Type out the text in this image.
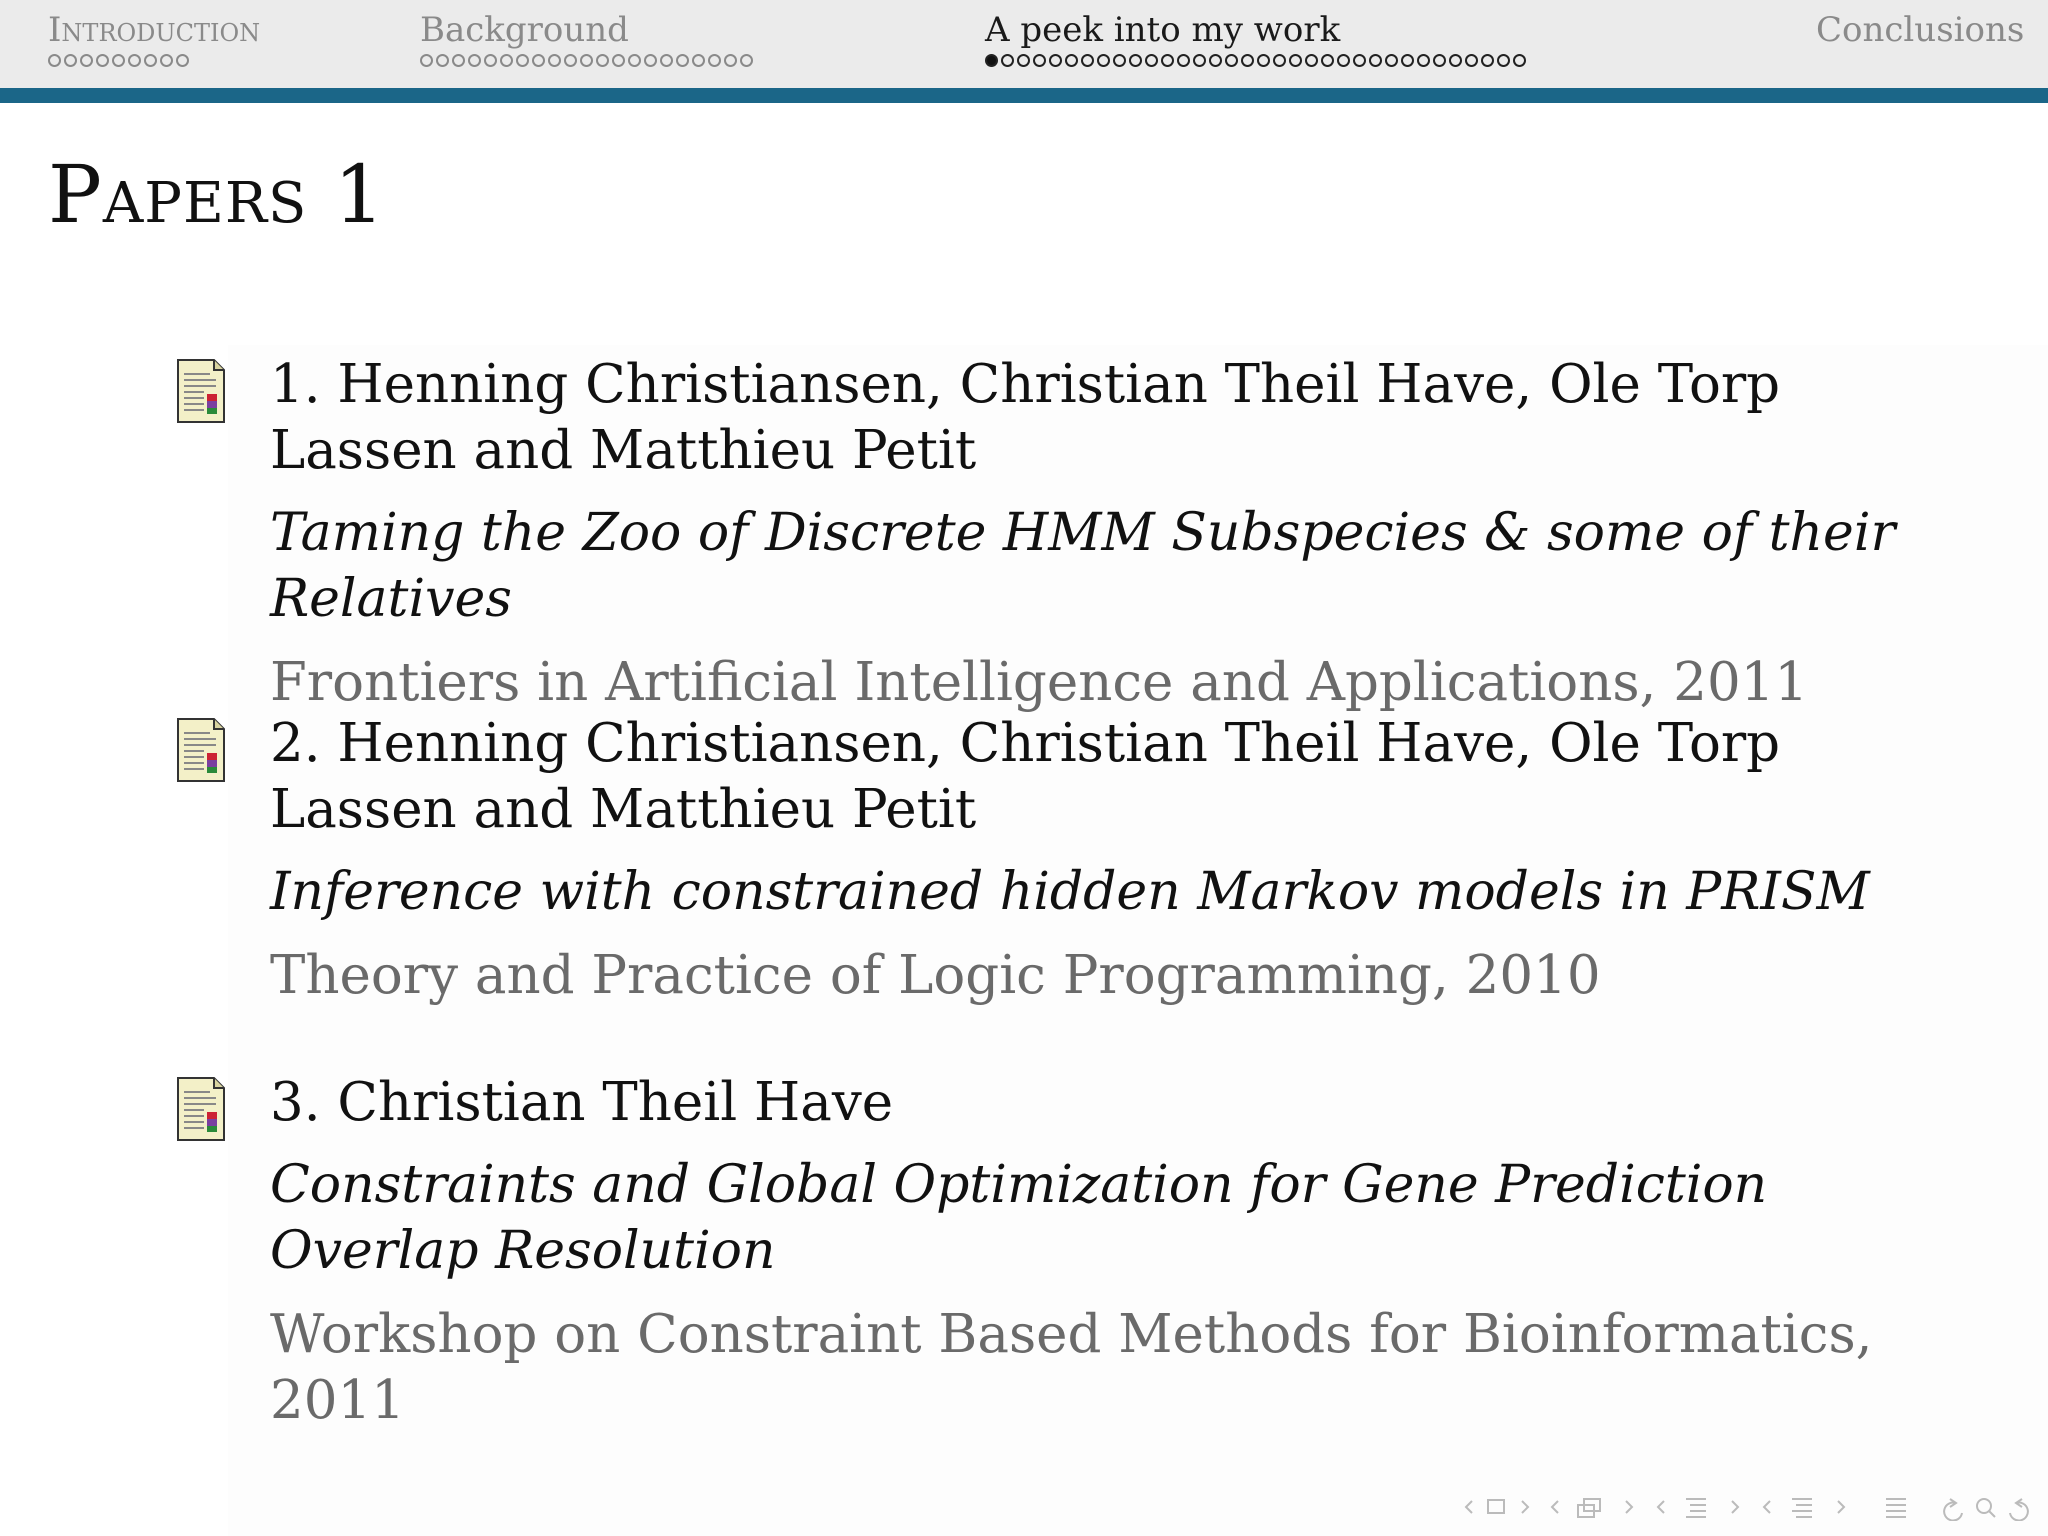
Introduction	Background	A peek into my work	Conclusions
Papers 1

1. Henning Christiansen, Christian Theil Have, Ole Torp Lassen and Matthieu Petit

Taming the Zoo of Discrete HMM Subspecies & some of their Relatives

Frontiers in Artificial Intelligence and Applications, 2011

2. Henning Christiansen, Christian Theil Have, Ole Torp Lassen and Matthieu Petit

Inference with constrained hidden Markov models in PRISM

Theory and Practice of Logic Programming, 2010

3. Christian Theil Have

Constraints and Global Optimization for Gene Prediction Overlap Resolution

Workshop on Constraint Based Methods for Bioinformatics, 2011
